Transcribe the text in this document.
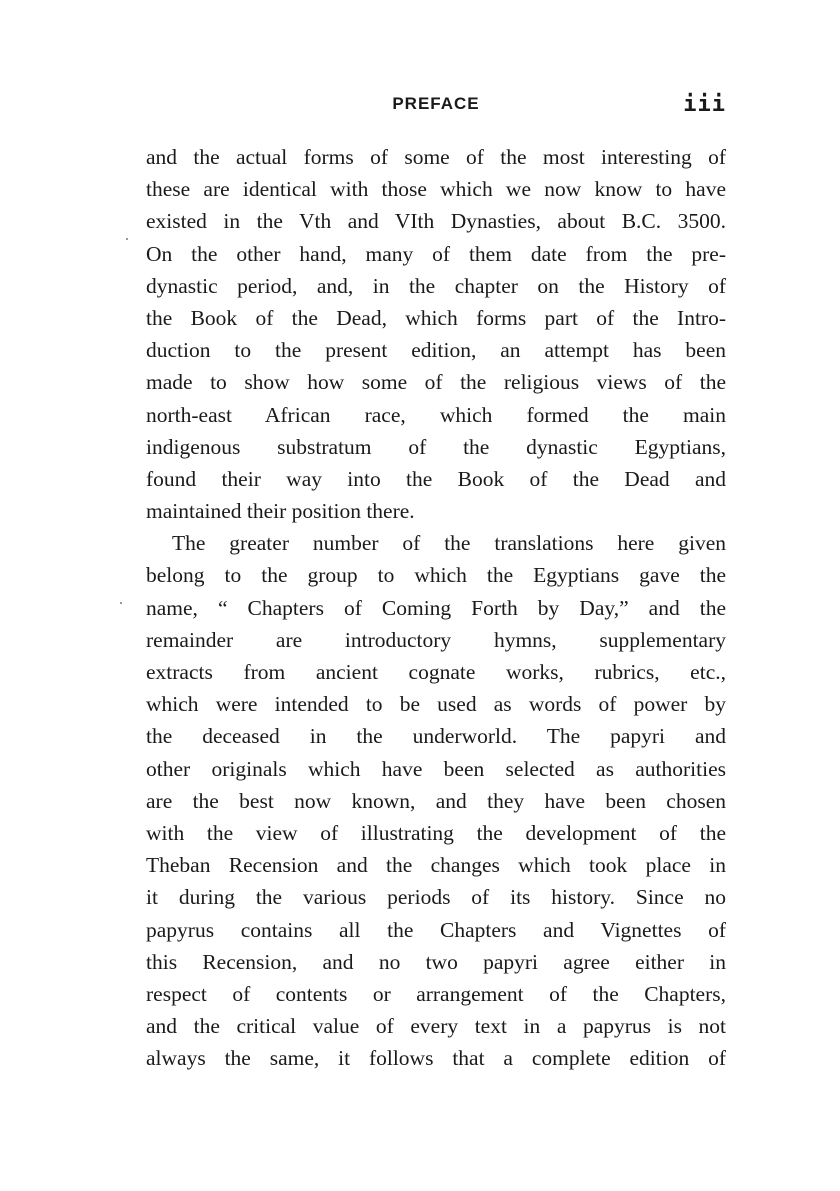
PREFACE	iii
and the actual forms of some of the most interesting of
these are identical with those which we now know to have
existed in the Vth and VIth Dynasties, about B.C. 3500.
On the other hand, many of them date from the pre-
dynastic period, and, in the chapter on the History of
the Book of the Dead, which forms part of the Intro-
duction to the present edition, an attempt has been
made to show how some of the religious views of the
north-east African race, which formed the main
indigenous substratum of the dynastic Egyptians,
found their way into the Book of the Dead and
maintained their position there.
The greater number of the translations here given
belong to the group to which the Egyptians gave the
name, “ Chapters of Coming Forth by Day,” and the
remainder are introductory hymns, supplementary
extracts from ancient cognate works, rubrics, etc.,
which were intended to be used as words of power by
the deceased in the underworld. The papyri and
other originals which have been selected as authorities
are the best now known, and they have been chosen
with the view of illustrating the development of the
Theban Recension and the changes which took place in
it during the various periods of its history. Since no
papyrus contains all the Chapters and Vignettes of
this Recension, and no two papyri agree either in
respect of contents or arrangement of the Chapters,
and the critical value of every text in a papyrus is not
always the same, it follows that a complete edition of
